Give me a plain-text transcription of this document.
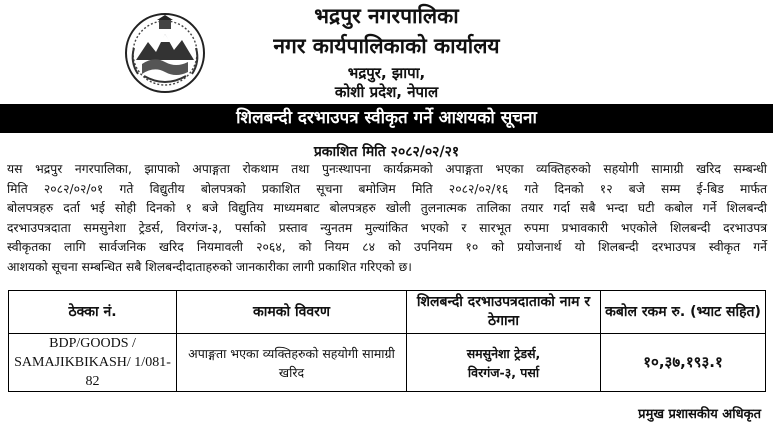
भद्रपुर नगरपालिका
नगर कार्यपालिकाको कार्यालय
भद्रपुर, झापा,
कोशी प्रदेश, नेपाल
शिलबन्दी दरभाउपत्र स्वीकृत गर्ने आशयको सूचना
प्रकाशित मिति २०८२/०२/२१
यस भद्रपुर नगरपालिका, झापाको अपाङ्गता रोकथाम तथा पुनःस्थापना कार्यक्रमको अपाङ्गता भएका व्यक्तिहरुको सहयोगी सामाग्री खरिद सम्बन्धी
मिति २०८२/०२/०१ गते विद्युतीय बोलपत्रको प्रकाशित सूचना बमोजिम मिति २०८२/०२/१६ गते दिनको १२ बजे सम्म ई-बिड मार्फत
बोलपत्रहरु दर्ता भई सोही दिनको १ बजे विद्युतिय माध्यमबाट बोलपत्रहरु खोली तुलनात्मक तालिका तयार गर्दा सबै भन्दा घटी कबोल गर्ने शिलबन्दी
दरभाउपत्रदाता समसुनेशा ट्रेडर्स, विरगंज-३, पर्साको प्रस्ताव न्युनतम मुल्यांकित भएको र सारभूत रुपमा प्रभावकारी भएकोले शिलबन्दी दरभाउपत्र
स्वीकृतका लागि सार्वजनिक खरिद नियमावली २०६४, को नियम ८४ को उपनियम १० को प्रयोजनार्थ यो शिलबन्दी दरभाउपत्र स्वीकृत गर्ने
आशयको सूचना सम्बन्धित सबै शिलबन्दीदाताहरुको जानकारीका लागी प्रकाशित गरिएको छ।
ठेक्का नं.	कामको विवरण	शिलबन्दी दरभाउपत्रदाताको नाम र ठेगाना	कबोल रकम रु. (भ्याट सहित)
BDP/GOODS / SAMAJIKBIKASH/ 1/081-82	अपाङ्गता भएका व्यक्तिहरुको सहयोगी सामाग्री खरिद	समसुनेशा ट्रेडर्स,
विरगंज-३, पर्सा	१०,३७,१९३.१
प्रमुख प्रशासकीय अधिकृत
